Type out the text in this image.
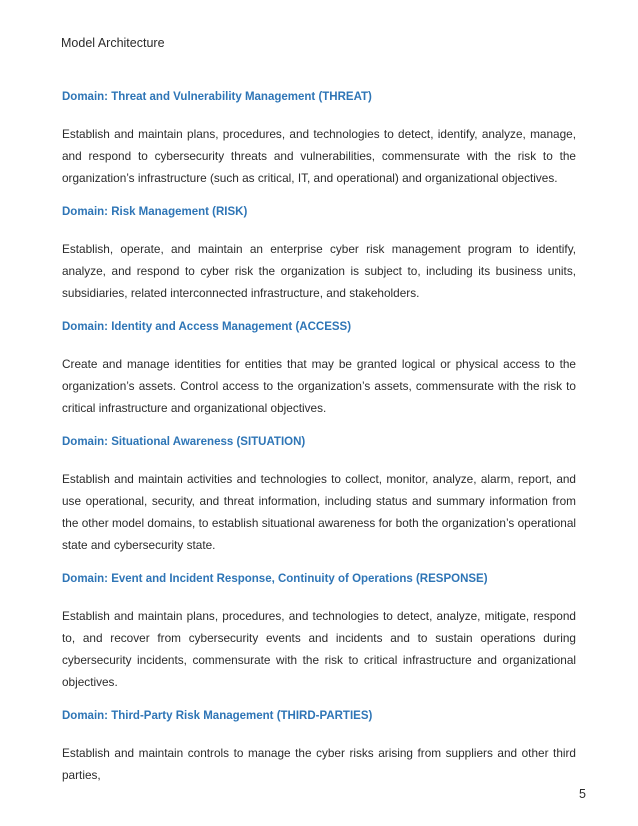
Model Architecture

Domain: Threat and Vulnerability Management (THREAT)

Establish and maintain plans, procedures, and technologies to detect, identify, analyze, manage, and respond to cybersecurity threats and vulnerabilities, commensurate with the risk to the organization’s infrastructure (such as critical, IT, and operational) and organizational objectives.

Domain: Risk Management (RISK)

Establish, operate, and maintain an enterprise cyber risk management program to identify, analyze, and respond to cyber risk the organization is subject to, including its business units, subsidiaries, related interconnected infrastructure, and stakeholders.

Domain: Identity and Access Management (ACCESS)

Create and manage identities for entities that may be granted logical or physical access to the organization’s assets. Control access to the organization’s assets, commensurate with the risk to critical infrastructure and organizational objectives.

Domain: Situational Awareness (SITUATION)

Establish and maintain activities and technologies to collect, monitor, analyze, alarm, report, and use operational, security, and threat information, including status and summary information from the other model domains, to establish situational awareness for both the organization’s operational state and cybersecurity state.

Domain: Event and Incident Response, Continuity of Operations (RESPONSE)

Establish and maintain plans, procedures, and technologies to detect, analyze, mitigate, respond to, and recover from cybersecurity events and incidents and to sustain operations during cybersecurity incidents, commensurate with the risk to critical infrastructure and organizational objectives.

Domain: Third-Party Risk Management (THIRD-PARTIES)

Establish and maintain controls to manage the cyber risks arising from suppliers and other third parties,

5
